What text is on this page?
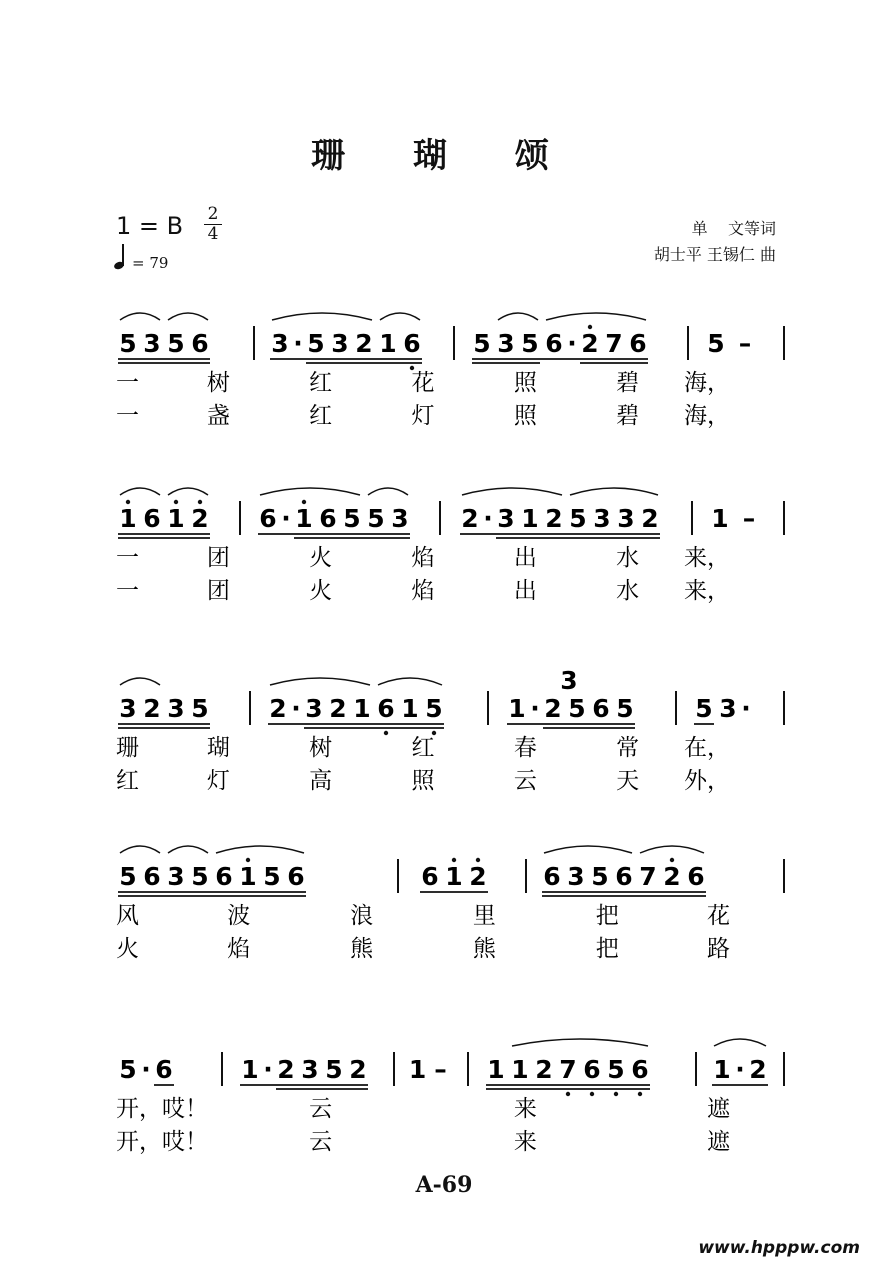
珊 瑚 颂
1 = B 2
4
= 79
单    文等词
胡士平 王锡仁 曲
5 3 5 6	3 · 5 3 2 1 6 5 3 5 6 · 2 7 6 5 –
一	树	红	花	照	碧 海，
一	盏	红	灯	照	碧 海，
1 6 1 2 6 · 1 6 5 5 3 2 · 3 1 2 5 3 3 2 1 –
一	团	火	焰	出	水 来，
一	团	火	焰	出	水 来，
3 2 3 5 2 · 3 2 1 6 1 5	1 · 2 5
3
6 5 5 3 ·
珊	瑚	树	红	春	常 在，
红	灯	高	照	云	天 外，
5 6 3 5 6 1 5 6	6 1 2 6 3 5 6 7 2 6
风	波	浪	里	把	花
火	焰	熊	熊	把	路
5 · 6	1 · 2 3 5 2 1 – 1 1 2 7 6 5 6	1 · 2
开，哎！	云	来	遮
开，哎！	云	来	遮
A-69
www.hpppw.com
